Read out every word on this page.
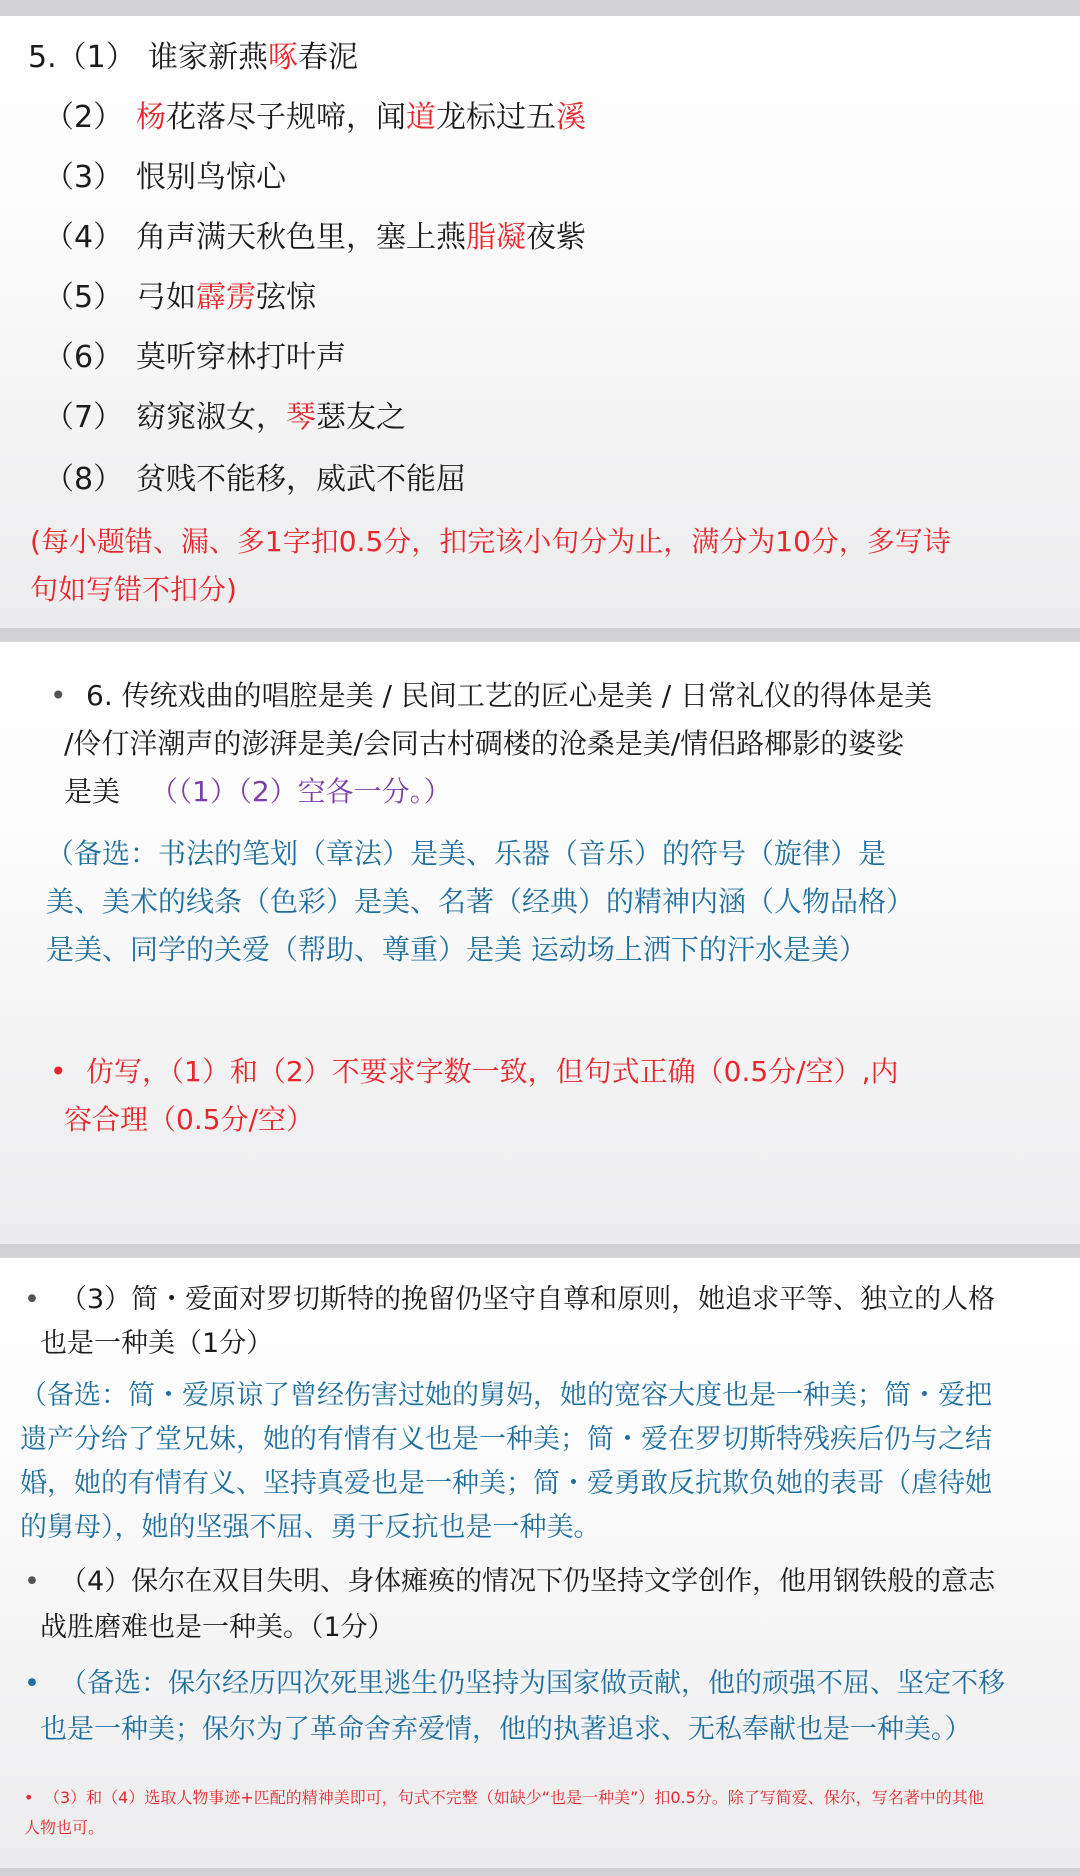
5.（1） 谁家新燕啄春泥
（2） 杨花落尽子规啼，闻道龙标过五溪
（3） 恨别鸟惊心
（4） 角声满天秋色里，塞上燕脂凝夜紫
（5） 弓如霹雳弦惊
（6） 莫听穿林打叶声
（7） 窈窕淑女，琴瑟友之
（8） 贫贱不能移，威武不能屈
(每小题错、漏、多1字扣0.5分，扣完该小句分为止，满分为10分，多写诗
句如写错不扣分)
• 6. 传统戏曲的唱腔是美 / 民间工艺的匠心是美 / 日常礼仪的得体是美
/伶仃洋潮声的澎湃是美/会同古村碉楼的沧桑是美/情侣路椰影的婆娑
是美 （（1）（2）空各一分。）
（备选：书法的笔划（章法）是美、乐器（音乐）的符号（旋律）是
美、美术的线条（色彩）是美、名著（经典）的精神内涵（人物品格）
是美、同学的关爱（帮助、尊重）是美 运动场上洒下的汗水是美）
• 仿写，（1）和（2）不要求字数一致，但句式正确（0.5分/空）,内
容合理（0.5分/空）
• （3）简・爱面对罗切斯特的挽留仍坚守自尊和原则，她追求平等、独立的人格
也是一种美（1分）
（备选：简・爱原谅了曾经伤害过她的舅妈，她的宽容大度也是一种美；简・爱把
遗产分给了堂兄妹，她的有情有义也是一种美；简・爱在罗切斯特残疾后仍与之结
婚，她的有情有义、坚持真爱也是一种美；简・爱勇敢反抗欺负她的表哥（虐待她
的舅母），她的坚强不屈、勇于反抗也是一种美。
• （4）保尔在双目失明、身体瘫痪的情况下仍坚持文学创作，他用钢铁般的意志
战胜磨难也是一种美。（1分）
• （备选：保尔经历四次死里逃生仍坚持为国家做贡献，他的顽强不屈、坚定不移
也是一种美；保尔为了革命舍弃爱情，他的执著追求、无私奉献也是一种美。）
• （3）和（4）选取人物事迹+匹配的精神美即可，句式不完整（如缺少“也是一种美”）扣0.5分。除了写简爱、保尔，写名著中的其他
人物也可。
